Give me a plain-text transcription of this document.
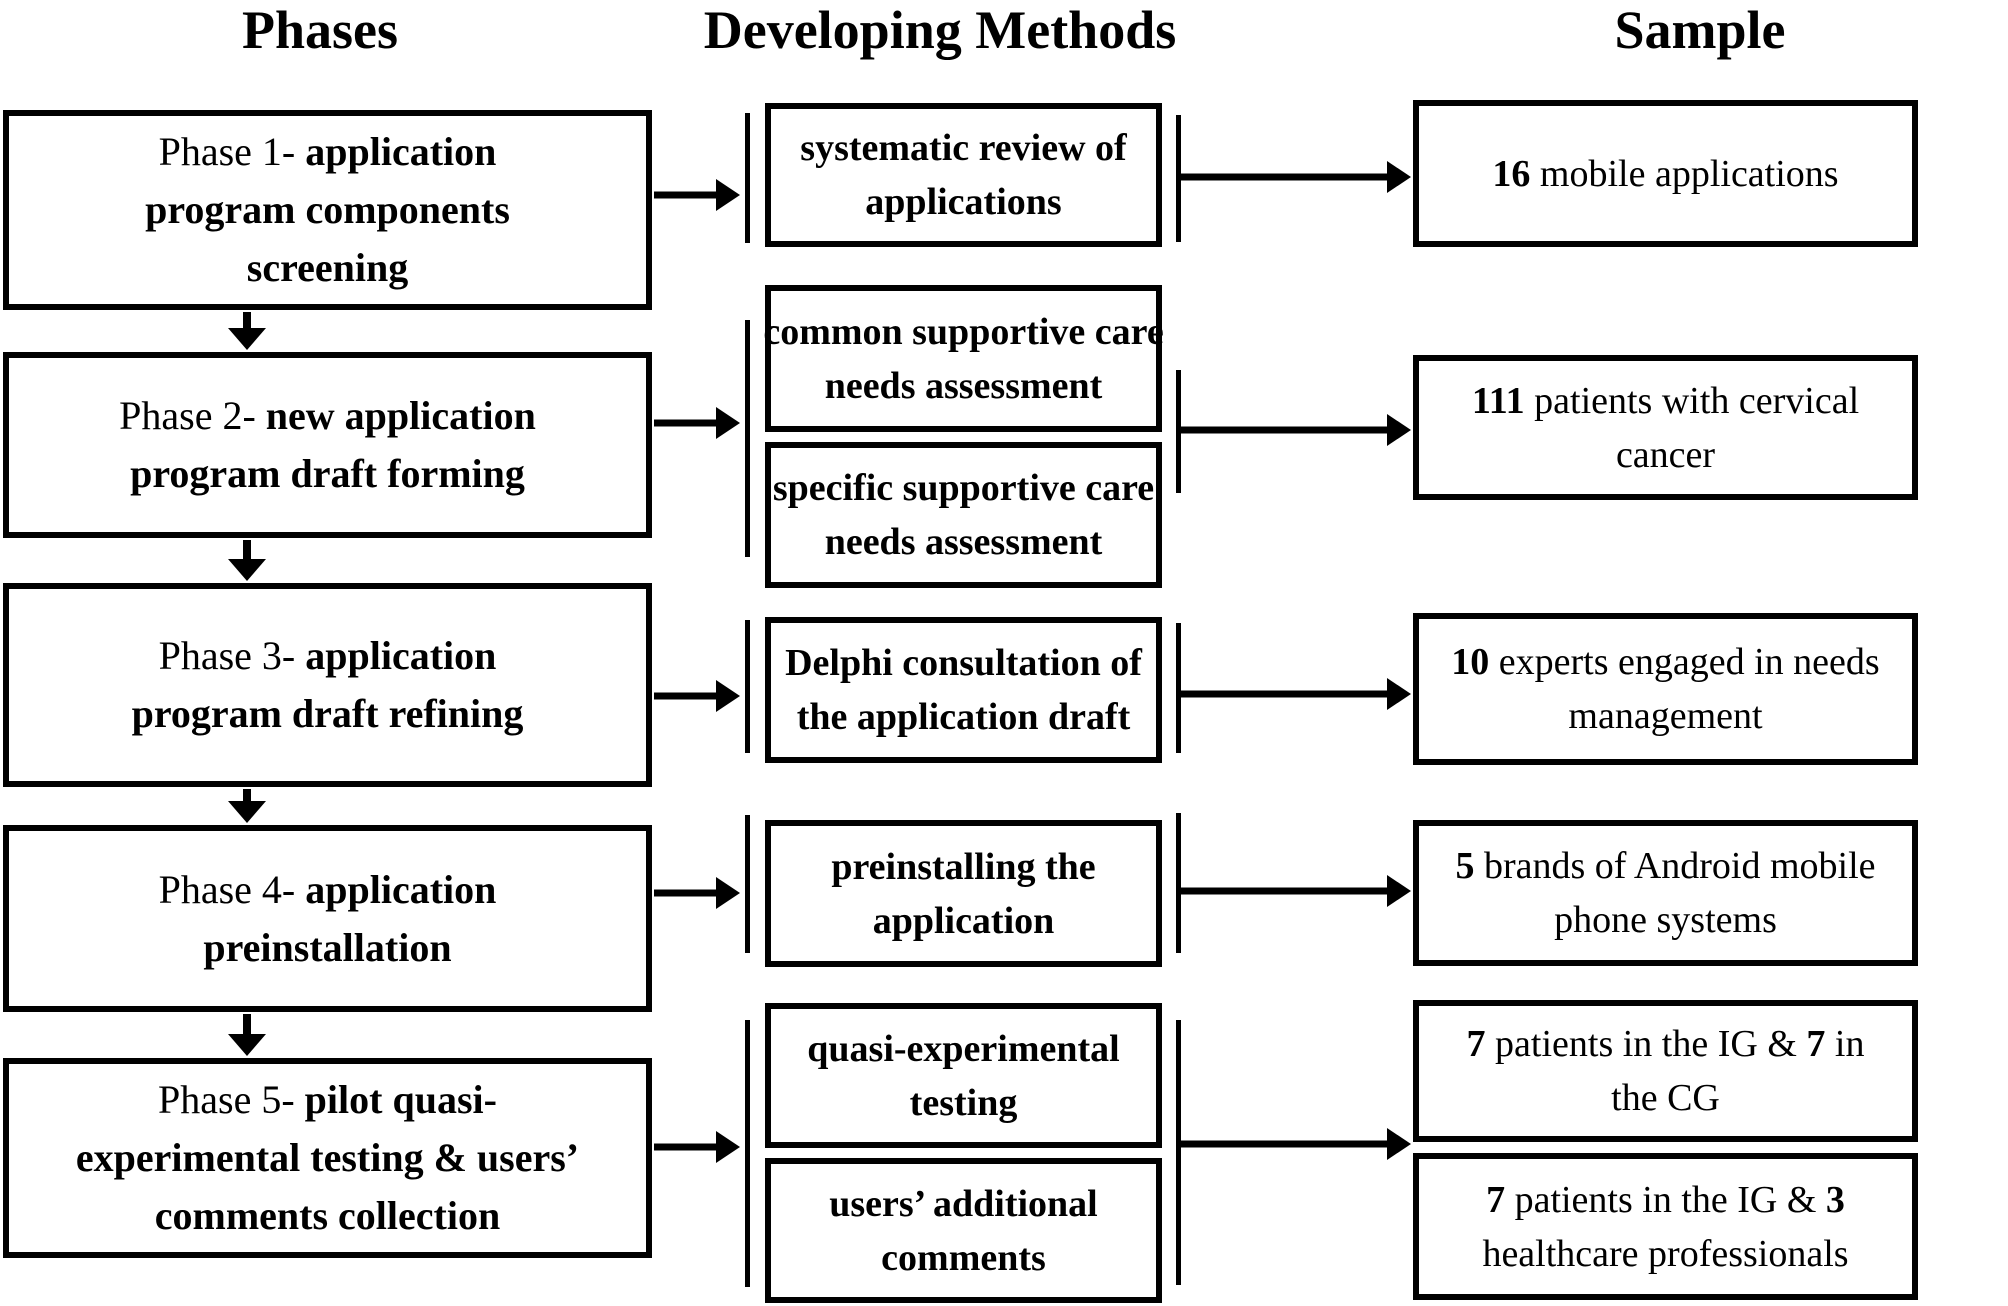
Phases	Developing Methods	Sample
Phase 1- application
program components
screening
Phase 2- new application
program draft forming
Phase 3- application
program draft refining
Phase 4- application
preinstallation
Phase 5- pilot quasi-
experimental testing & users’
comments collection
systematic review of
applications
common supportive care
needs assessment
specific supportive care
needs assessment
Delphi consultation of
the application draft
preinstalling the
application
quasi-experimental
testing
users’ additional
comments
16 mobile applications
111 patients with cervical
cancer
10 experts engaged in needs
management
5 brands of Android mobile
phone systems
7 patients in the IG & 7 in
the CG
7 patients in the IG & 3
healthcare professionals
